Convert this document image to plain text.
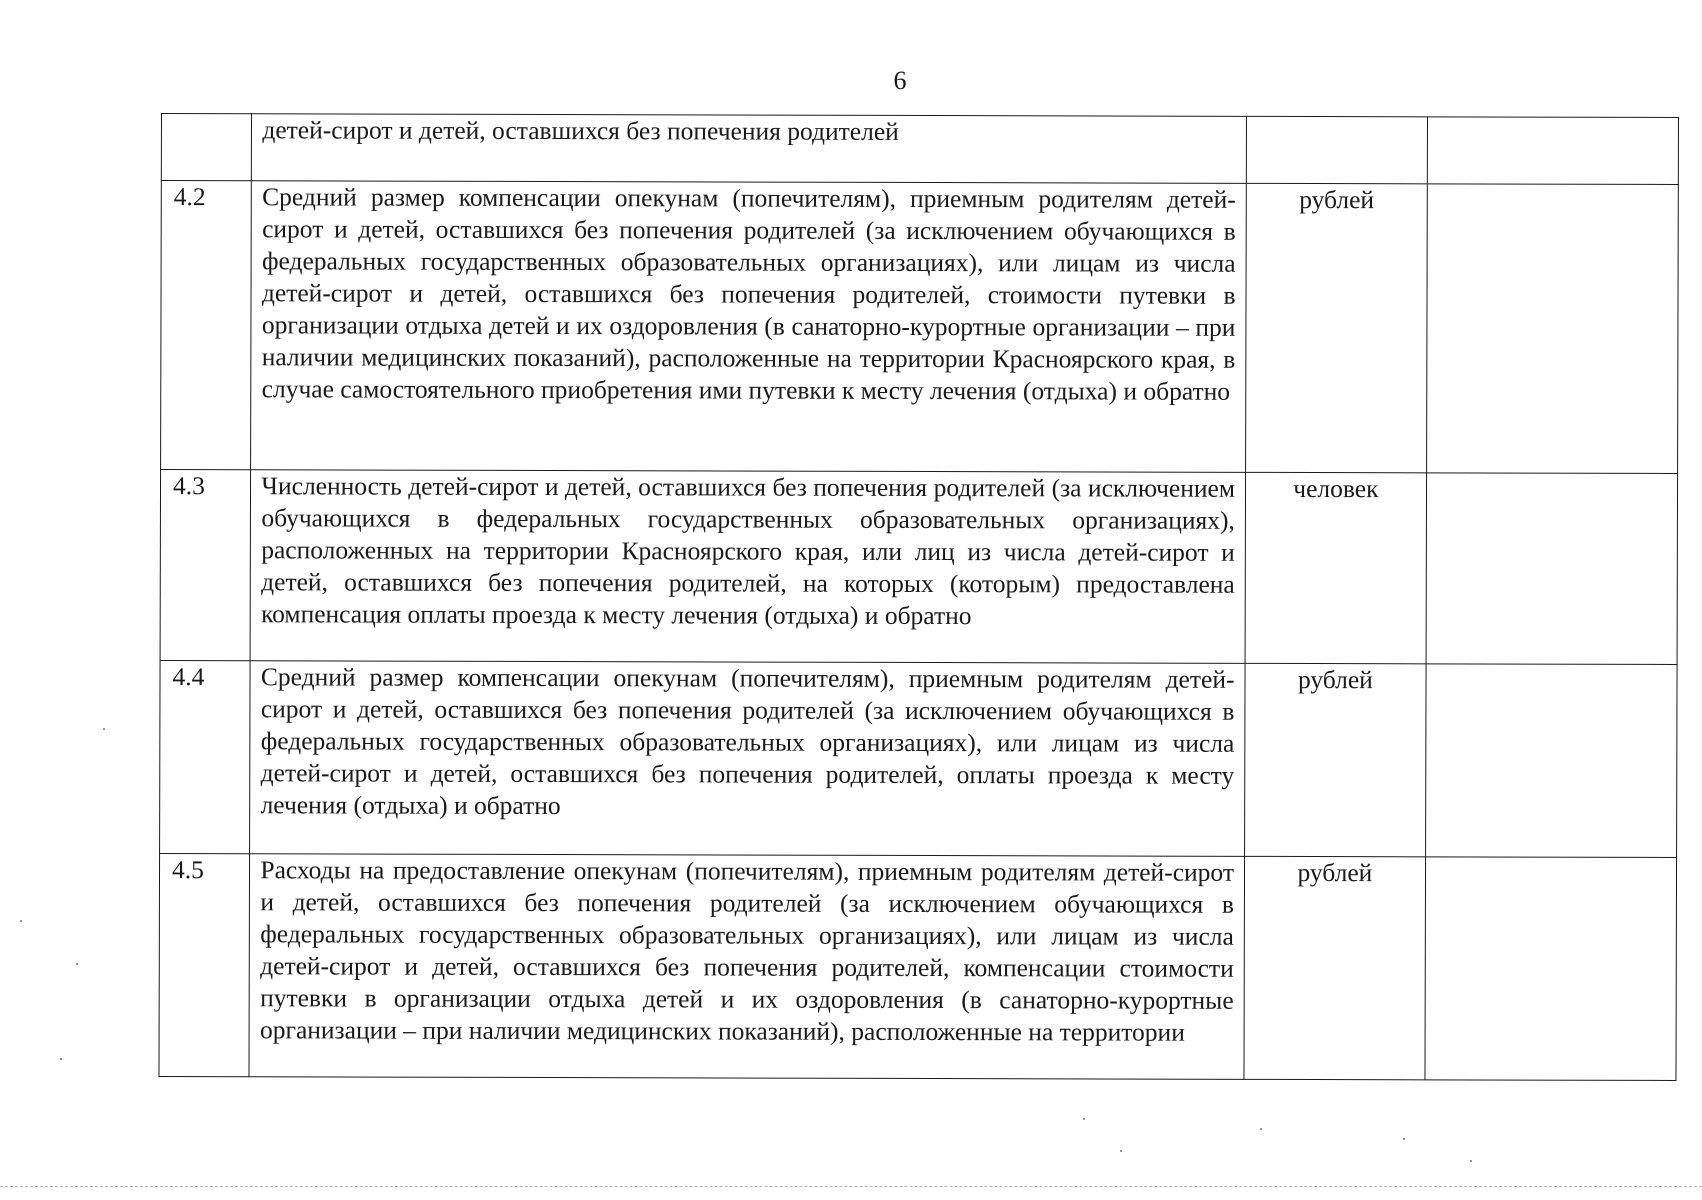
6
	детей-сирот и детей, оставшихся без попечения родителей		
4.2	Средний размер компенсации опекунам (попечителям), приемным родителям детей-сирот и детей, оставшихся без попечения родителей (за исключением обучающихся в федеральных государственных образовательных организациях), или лицам из числа детей-сирот и детей, оставшихся без попечения родителей, стоимости путевки в организации отдыха детей и их оздоровления (в санаторно-курортные организации – при наличии медицинских показаний), расположенные на территории Красноярского края, в случае самостоятельного приобретения ими путевки к месту лечения (отдыха) и обратно	рублей	
4.3	Численность детей-сирот и детей, оставшихся без попечения родителей (за исключением обучающихся в федеральных государственных образовательных организациях), расположенных на территории Красноярского края, или лиц из числа детей-сирот и детей, оставшихся без попечения родителей, на которых (которым) предоставлена компенсация оплаты проезда к месту лечения (отдыха) и обратно	человек	
4.4	Средний размер компенсации опекунам (попечителям), приемным родителям детей-сирот и детей, оставшихся без попечения родителей (за исключением обучающихся в федеральных государственных образовательных организациях), или лицам из числа детей-сирот и детей, оставшихся без попечения родителей, оплаты проезда к месту лечения (отдыха) и обратно	рублей	
4.5	Расходы на предоставление опекунам (попечителям), приемным родителям детей-сирот и детей, оставшихся без попечения родителей (за исключением обучающихся в федеральных государственных образовательных организациях), или лицам из числа детей-сирот и детей, оставшихся без попечения родителей, компенсации стоимости путевки в организации отдыха детей и их оздоровления (в санаторно-курортные организации – при наличии медицинских показаний), расположенные на территории	рублей	
